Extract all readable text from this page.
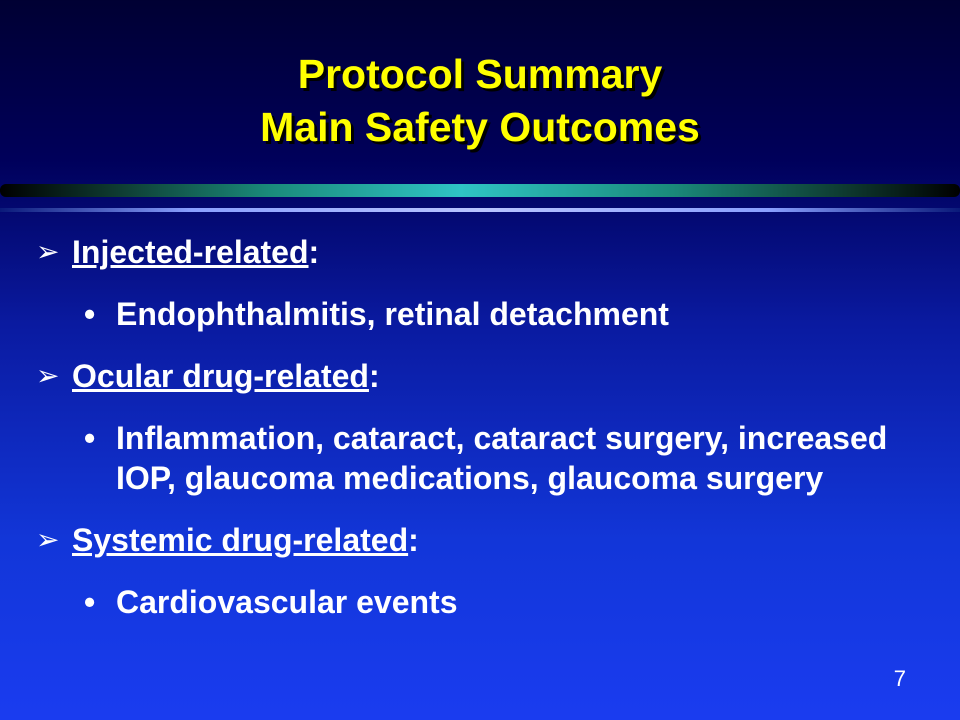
Protocol Summary
Main Safety Outcomes
➢ Injected-related:
• Endophthalmitis, retinal detachment
➢ Ocular drug-related:
• Inflammation, cataract, cataract surgery, increased IOP, glaucoma medications, glaucoma surgery
➢ Systemic drug-related:
• Cardiovascular events
7
